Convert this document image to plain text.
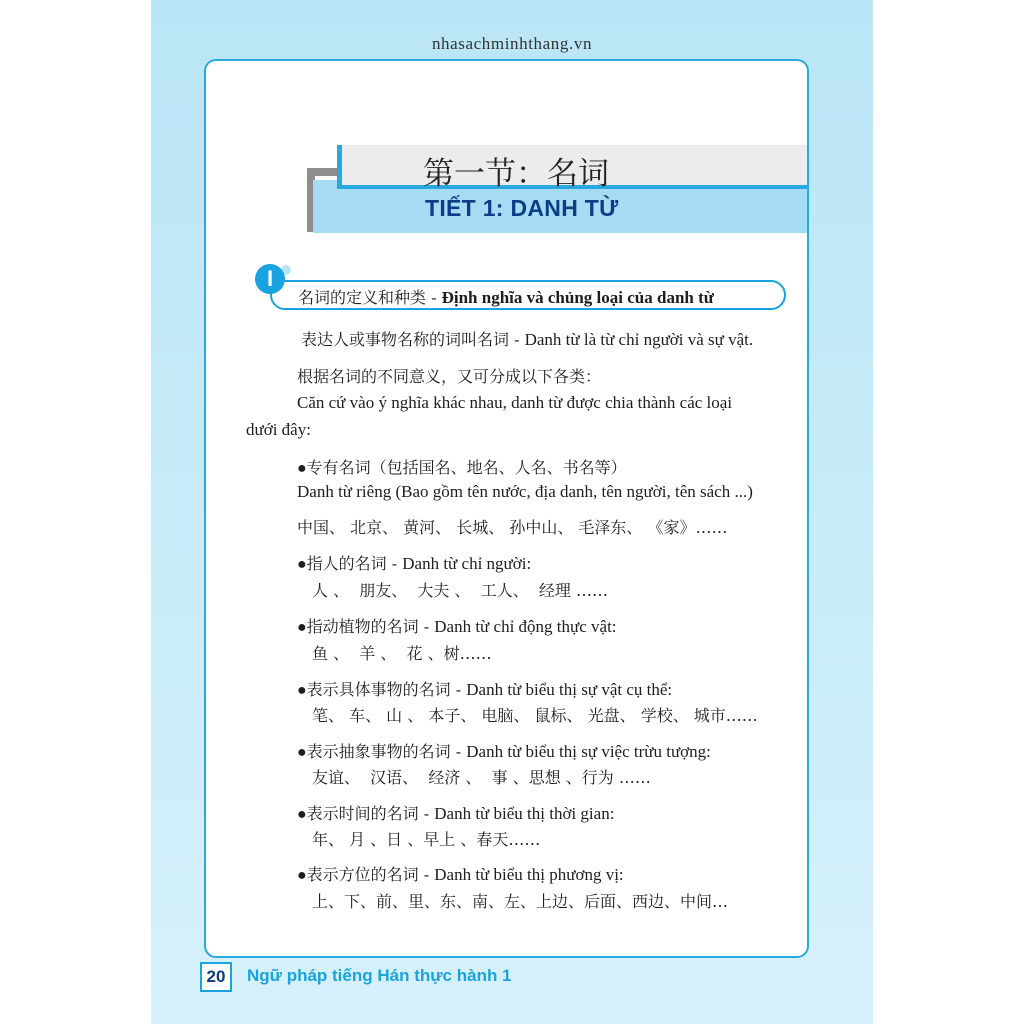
nhasachminhthang.vn
第一节：名词
TIẾT 1: DANH TỪ
I
名词的定义和种类 - Định nghĩa và chủng loại của danh từ
表达人或事物名称的词叫名词 - Danh từ là từ chỉ người và sự vật.
根据名词的不同意义，又可分成以下各类：
Căn cứ vào ý nghĩa khác nhau, danh từ được chia thành các loại
dưới đây:
●专有名词（包括国名、地名、人名、书名等）
Danh từ riêng (Bao gồm tên nước, địa danh, tên người, tên sách ...)
中国、 北京、 黄河、 长城、 孙中山、 毛泽东、 《家》……
●指人的名词 - Danh từ chỉ người:
人 、  朋友、  大夫 、  工人、  经理 ……
●指动植物的名词 - Danh từ chỉ động thực vật:
鱼 、  羊 、  花 、树……
●表示具体事物的名词 - Danh từ biểu thị sự vật cụ thể:
笔、 车、 山 、 本子、 电脑、 鼠标、 光盘、 学校、 城市……
●表示抽象事物的名词 - Danh từ biểu thị sự việc trừu tượng:
友谊、  汉语、  经济 、  事 、思想 、行为 ……
●表示时间的名词 - Danh từ biểu thị thời gian:
年、 月 、日 、早上 、春天……
●表示方位的名词 - Danh từ biểu thị phương vị:
上、下、前、里、东、南、左、上边、后面、西边、中间…
20	Ngữ pháp tiếng Hán thực hành 1
